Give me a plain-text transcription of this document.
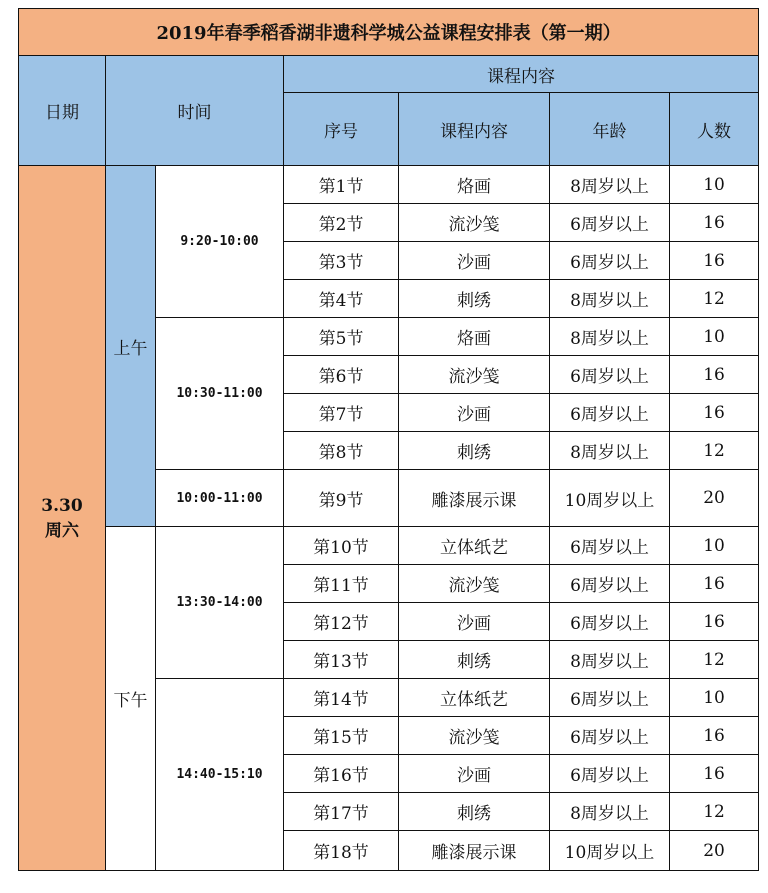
2019年春季稻香湖非遗科学城公益课程安排表（第一期）						
日期	时间		课程内容			
			序号	课程内容	年龄	人数

3.30
周六	上午	9:20-10:00	第1节	烙画	8周岁以上	10
			第2节	流沙笺	6周岁以上	16
			第3节	沙画	6周岁以上	16
			第4节	刺绣	8周岁以上	12
		10:30-11:00	第5节	烙画	8周岁以上	10
			第6节	流沙笺	6周岁以上	16
			第7节	沙画	6周岁以上	16
			第8节	刺绣	8周岁以上	12
		10:00-11:00	第9节	雕漆展示课	10周岁以上	20
	下午	13:30-14:00	第10节	立体纸艺	6周岁以上	10
			第11节	流沙笺	6周岁以上	16
			第12节	沙画	6周岁以上	16
			第13节	刺绣	8周岁以上	12
		14:40-15:10	第14节	立体纸艺	6周岁以上	10
			第15节	流沙笺	6周岁以上	16
			第16节	沙画	6周岁以上	16
			第17节	刺绣	8周岁以上	12
			第18节	雕漆展示课	10周岁以上	20
